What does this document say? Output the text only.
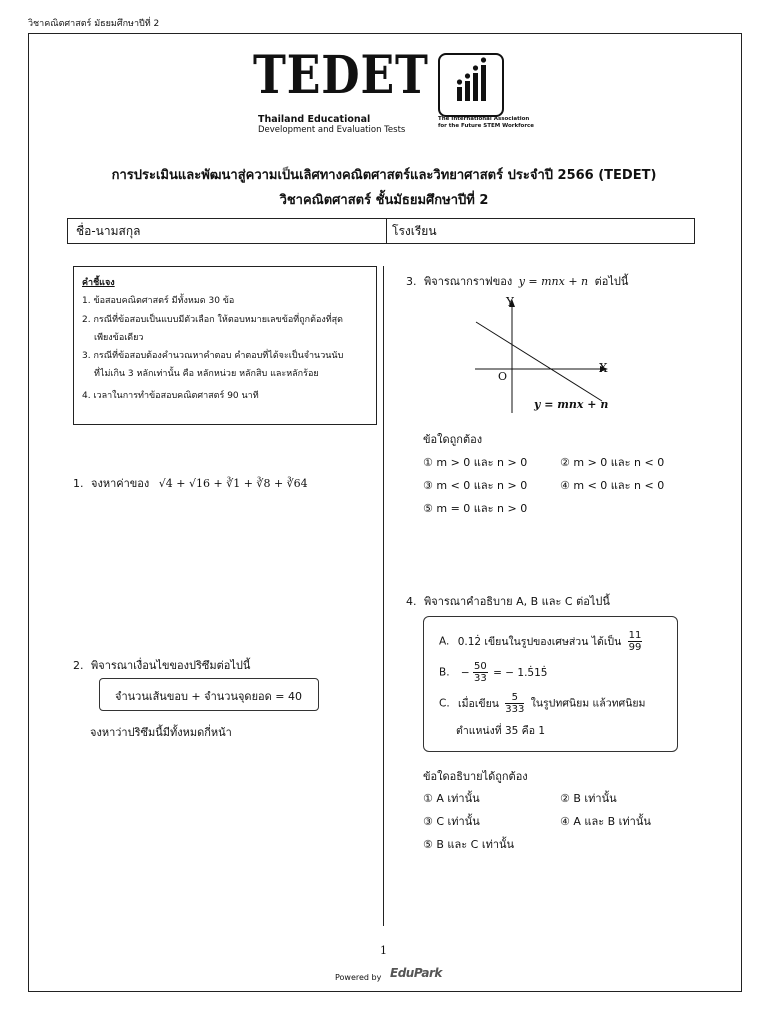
วิชาคณิตศาสตร์ มัธยมศึกษาปีที่ 2
TEDET
Thailand Educational
Development and Evaluation Tests
The International Association
for the Future STEM Workforce
การประเมินและพัฒนาสู่ความเป็นเลิศทางคณิตศาสตร์และวิทยาศาสตร์ ประจำปี 2566 (TEDET)
วิชาคณิตศาสตร์ ชั้นมัธยมศึกษาปีที่ 2
ชื่อ-นามสกุล	โรงเรียน
คำชี้แจง
1. ข้อสอบคณิตศาสตร์ มีทั้งหมด 30 ข้อ
2. กรณีที่ข้อสอบเป็นแบบมีตัวเลือก ให้ตอบหมายเลขข้อที่ถูกต้องที่สุด
เพียงข้อเดียว
3. กรณีที่ข้อสอบต้องคำนวณหาคำตอบ คำตอบที่ได้จะเป็นจำนวนนับ
ที่ไม่เกิน 3 หลักเท่านั้น คือ หลักหน่วย หลักสิบ และหลักร้อย
4. เวลาในการทำข้อสอบคณิตศาสตร์ 90 นาที
1. จงหาค่าของ √4 + √16 + ∛1 + ∛8 + ∛64
2. พิจารณาเงื่อนไขของปริซึมต่อไปนี้
จำนวนเส้นขอบ + จำนวนจุดยอด = 40
จงหาว่าปริซึมนี้มีทั้งหมดกี่หน้า
3. พิจารณากราฟของ y = mnx + n ต่อไปนี้
Y
X
O
y = mnx + n
ข้อใดถูกต้อง
① m > 0 และ n > 0	② m > 0 และ n < 0
③ m < 0 และ n > 0	④ m < 0 และ n < 0
⑤ m = 0 และ n > 0
4. พิจารณาคำอธิบาย A, B และ C ต่อไปนี้
A. 0.12̇ เขียนในรูปของเศษส่วน ได้เป็น $\frac{11}{99}$
B. − $\frac{50}{33}$ = − 1.5̇15̇
C. เมื่อเขียน $\frac{5}{333}$ ในรูปทศนิยม แล้วทศนิยม
ตำแหน่งที่ 35 คือ 1
ข้อใดอธิบายได้ถูกต้อง
① A เท่านั้น	② B เท่านั้น
③ C เท่านั้น	④ A และ B เท่านั้น
⑤ B และ C เท่านั้น
1
Powered by EduPark
